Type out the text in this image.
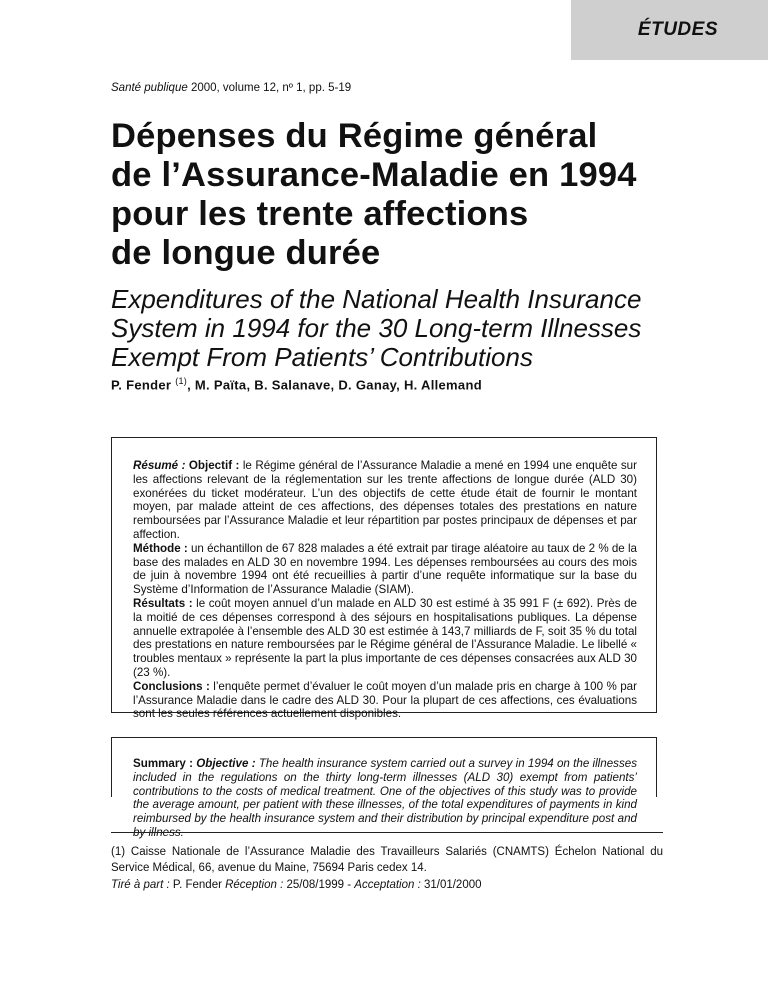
ÉTUDES
Santé publique 2000, volume 12, nº 1, pp. 5-19
Dépenses du Régime général
de l’Assurance-Maladie en 1994
pour les trente affections
de longue durée
Expenditures of the National Health Insurance
System in 1994 for the 30 Long-term Illnesses
Exempt From Patients’ Contributions
P. Fender $^{(1)}$, M. Païta, B. Salanave, D. Ganay, H. Allemand
Résumé : Objectif : le Régime général de l’Assurance Maladie a mené en 1994 une enquête sur les affections relevant de la réglementation sur les trente affections de longue durée (ALD 30) exonérées du ticket modérateur. L’un des objectifs de cette étude était de fournir le montant moyen, par malade atteint de ces affections, des dépenses totales des prestations en nature remboursées par l’Assurance Maladie et leur répartition par postes principaux de dépenses et par affection.
Méthode : un échantillon de 67 828 malades a été extrait par tirage aléatoire au taux de 2 % de la base des malades en ALD 30 en novembre 1994. Les dépenses remboursées au cours des mois de juin à novembre 1994 ont été recueillies à partir d’une requête informatique sur la base du Système d’Information de l’Assurance Maladie (SIAM).
Résultats : le coût moyen annuel d’un malade en ALD 30 est estimé à 35 991 F (± 692). Près de la moitié de ces dépenses correspond à des séjours en hospitalisations publiques. La dépense annuelle extrapolée à l’ensemble des ALD 30 est estimée à 143,7 milliards de F, soit 35 % du total des prestations en nature remboursées par le Régime général de l’Assurance Maladie. Le libellé « troubles mentaux » représente la part la plus importante de ces dépenses consacrées aux ALD 30 (23 %).
Conclusions : l’enquête permet d’évaluer le coût moyen d’un malade pris en charge à 100 % par l’Assurance Maladie dans le cadre des ALD 30. Pour la plupart de ces affections, ces évaluations sont les seules références actuellement disponibles.
Summary : Objective : The health insurance system carried out a survey in 1994 on the illnesses included in the regulations on the thirty long-term illnesses (ALD 30) exempt from patients’ contributions to the costs of medical treatment. One of the objectives of this study was to provide the average amount, per patient with these illnesses, of the total expenditures of payments in kind reimbursed by the health insurance system and their distribution by principal expenditure post and by illness.
(1) Caisse Nationale de l’Assurance Maladie des Travailleurs Salariés (CNAMTS) Échelon National du Service Médical, 66, avenue du Maine, 75694 Paris cedex 14.
Tiré à part : P. Fender Réception : 25/08/1999 - Acceptation : 31/01/2000
